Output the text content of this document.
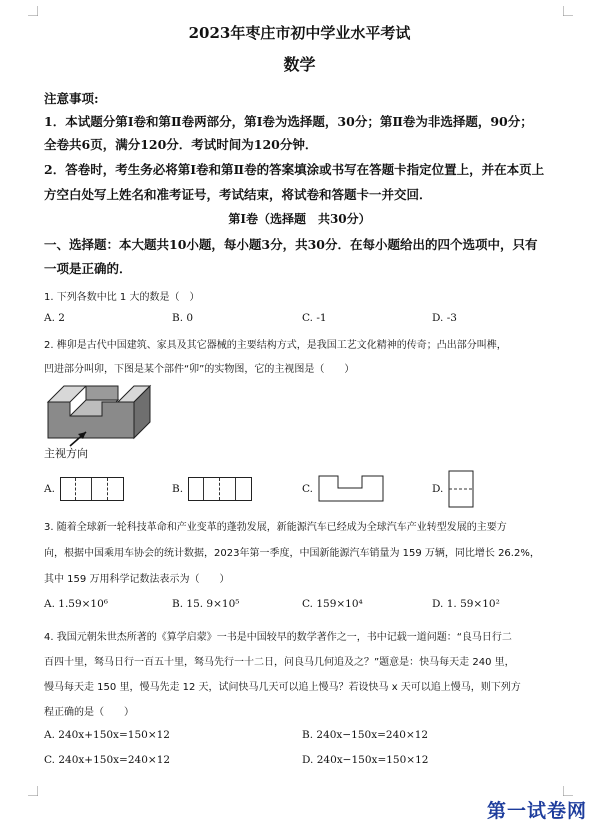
2023年枣庄市初中学业水平考试
数学
注意事项:
1．本试题分第Ⅰ卷和第Ⅱ卷两部分，第Ⅰ卷为选择题，30分；第Ⅱ卷为非选择题，90分；
全卷共6页，满分120分．考试时间为120分钟．
2．答卷时，考生务必将第Ⅰ卷和第Ⅱ卷的答案填涂或书写在答题卡指定位置上，并在本页上
方空白处写上姓名和准考证号，考试结束，将试卷和答题卡一并交回．
第Ⅰ卷（选择题　共30分）
一、选择题：本大题共10小题，每小题3分，共30分．在每小题给出的四个选项中，只有
一项是正确的．
1. 下列各数中比 1 大的数是（　）
A. 2	B. 0	C. -1	D. -3
2. 榫卯是古代中国建筑、家具及其它器械的主要结构方式，是我国工艺文化精神的传奇；凸出部分叫榫，
凹进部分叫卯，下图是某个部件“卯”的实物图，它的主视图是（　　）
主视方向
A.	B.	C.	D.
3. 随着全球新一轮科技革命和产业变革的蓬勃发展，新能源汽车已经成为全球汽车产业转型发展的主要方
向，根据中国乘用车协会的统计数据，2023年第一季度，中国新能源汽车销量为 159 万辆，同比增长 26.2%，
其中 159 万用科学记数法表示为（　　）
A. 1.59×10⁶	B. 15. 9×10⁵	C. 159×10⁴	D. 1. 59×10²
4. 我国元朝朱世杰所著的《算学启蒙》一书是中国较早的数学著作之一，书中记载一道问题：“良马日行二
百四十里，驽马日行一百五十里，驽马先行一十二日，问良马几何追及之？”题意是：快马每天走 240 里，
慢马每天走 150 里，慢马先走 12 天，试问快马几天可以追上慢马？若设快马 x 天可以追上慢马，则下列方
程正确的是（　　）
A. 240x+150x=150×12	B. 240x−150x=240×12
C. 240x+150x=240×12	D. 240x−150x=150×12
第一试卷网
